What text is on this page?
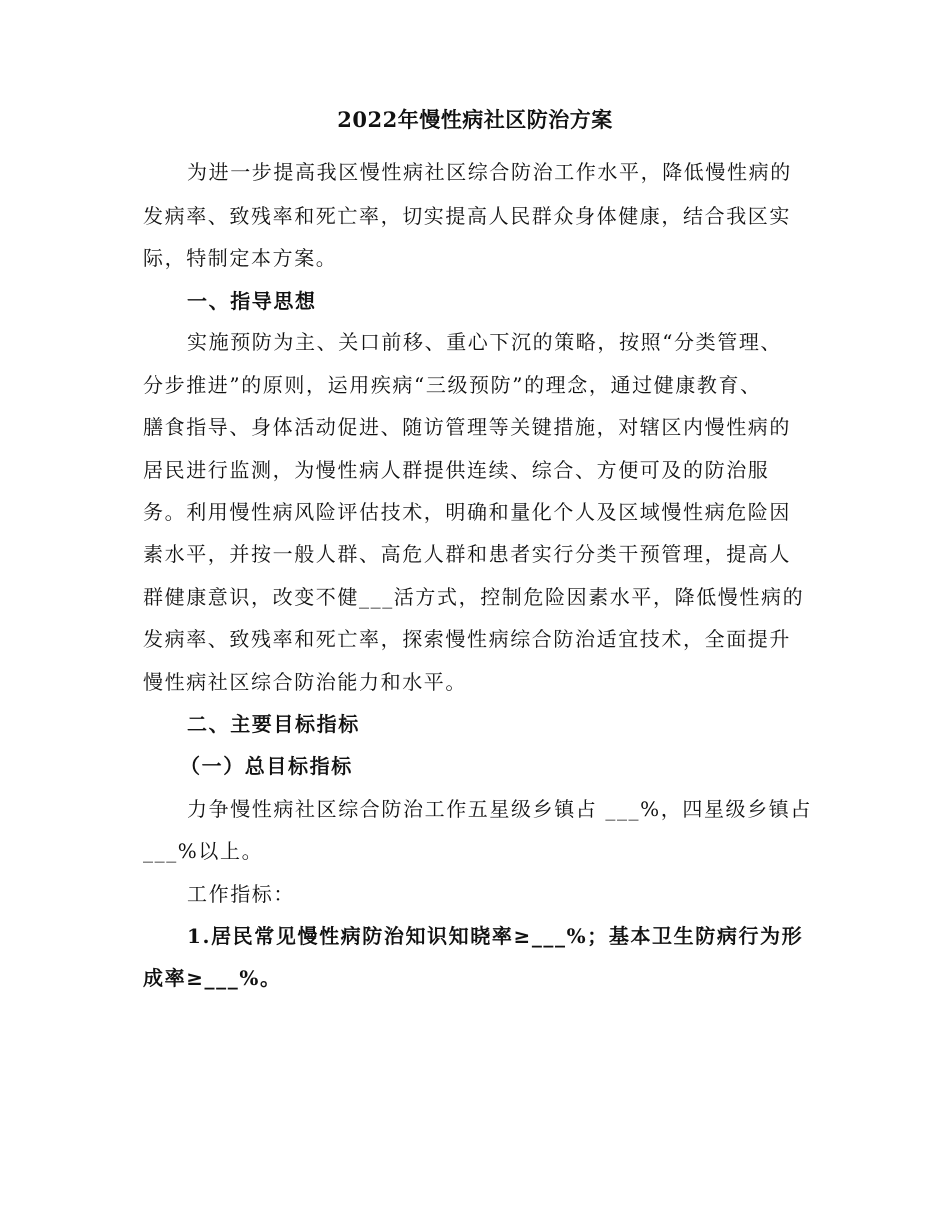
2022年慢性病社区防治方案
为进一步提高我区慢性病社区综合防治工作水平，降低慢性病的
发病率、致残率和死亡率，切实提高人民群众身体健康，结合我区实
际，特制定本方案。
一、指导思想
实施预防为主、关口前移、重心下沉的策略，按照“分类管理、
分步推进”的原则，运用疾病“三级预防”的理念，通过健康教育、
膳食指导、身体活动促进、随访管理等关键措施，对辖区内慢性病的
居民进行监测，为慢性病人群提供连续、综合、方便可及的防治服
务。利用慢性病风险评估技术，明确和量化个人及区域慢性病危险因
素水平，并按一般人群、高危人群和患者实行分类干预管理，提高人
群健康意识，改变不健___活方式，控制危险因素水平，降低慢性病的
发病率、致残率和死亡率，探索慢性病综合防治适宜技术，全面提升
慢性病社区综合防治能力和水平。
二、主要目标指标
（一）总目标指标
力争慢性病社区综合防治工作五星级乡镇占 ___%，四星级乡镇占
___%以上。
工作指标：
1.居民常见慢性病防治知识知晓率≥___%；基本卫生防病行为形
成率≥___%。
